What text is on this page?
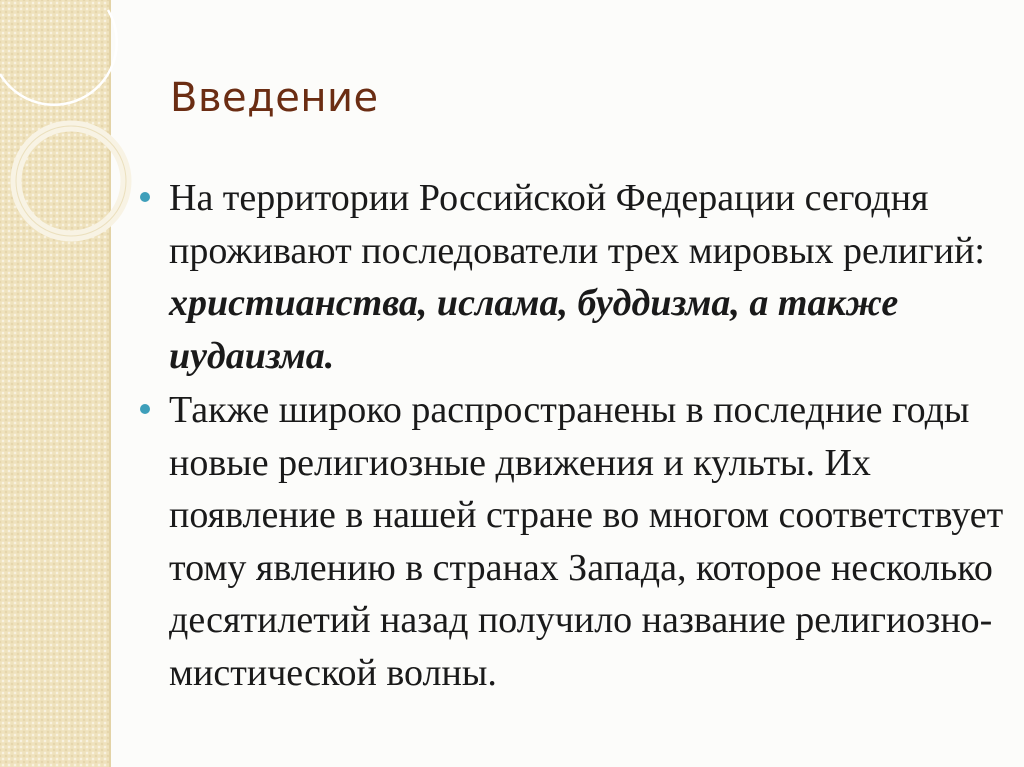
Введение
На территории Российской Федерации сегодня проживают последователи трех мировых религий: христианства, ислама, буддизма, а также иудаизма.
Также широко распространены в последние годы новые религиозные движения и культы. Их появление в нашей стране во многом соответствует тому явлению в странах Запада, которое несколько десятилетий назад получило название религиозно-мистической волны.
